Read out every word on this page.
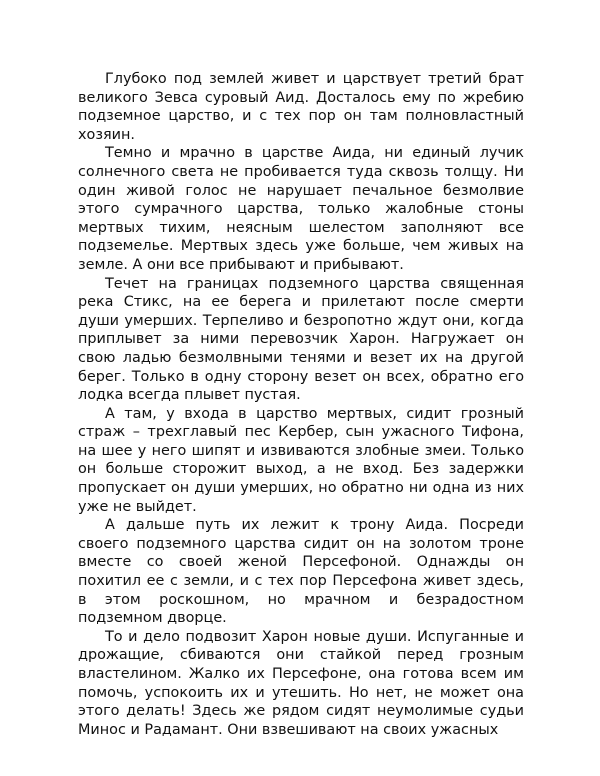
Глубоко под землей живет и царствует третий брат великого Зевса суровый Аид. Досталось ему по жребию подземное царство, и с тех пор он там полновластный хозяин.

Темно и мрачно в царстве Аида, ни единый лучик солнечного света не пробивается туда сквозь толщу. Ни один живой голос не нарушает печальное безмолвие этого сумрачного царства, только жалобные стоны мертвых тихим, неясным шелестом заполняют все подземелье. Мертвых здесь уже больше, чем живых на земле. А они все прибывают и прибывают.

Течет на границах подземного царства священная река Стикс, на ее берега и прилетают после смерти души умерших. Терпеливо и безропотно ждут они, когда приплывет за ними перевозчик Харон. Нагружает он свою ладью безмолвными тенями и везет их на другой берег. Только в одну сторону везет он всех, обратно его лодка всегда плывет пустая.

А там, у входа в царство мертвых, сидит грозный страж – трехглавый пес Кербер, сын ужасного Тифона, на шее у него шипят и извиваются злобные змеи. Только он больше сторожит выход, а не вход. Без задержки пропускает он души умерших, но обратно ни одна из них уже не выйдет.

А дальше путь их лежит к трону Аида. Посреди своего подземного царства сидит он на золотом троне вместе со своей женой Персефоной. Однажды он похитил ее с земли, и с тех пор Персефона живет здесь, в этом роскошном, но мрачном и безрадостном подземном дворце.

То и дело подвозит Харон новые души. Испуганные и дрожащие, сбиваются они стайкой перед грозным властелином. Жалко их Персефоне, она готова всем им помочь, успокоить их и утешить. Но нет, не может она этого делать! Здесь же рядом сидят неумолимые судьи Минос и Радамант. Они взвешивают на своих ужасных
